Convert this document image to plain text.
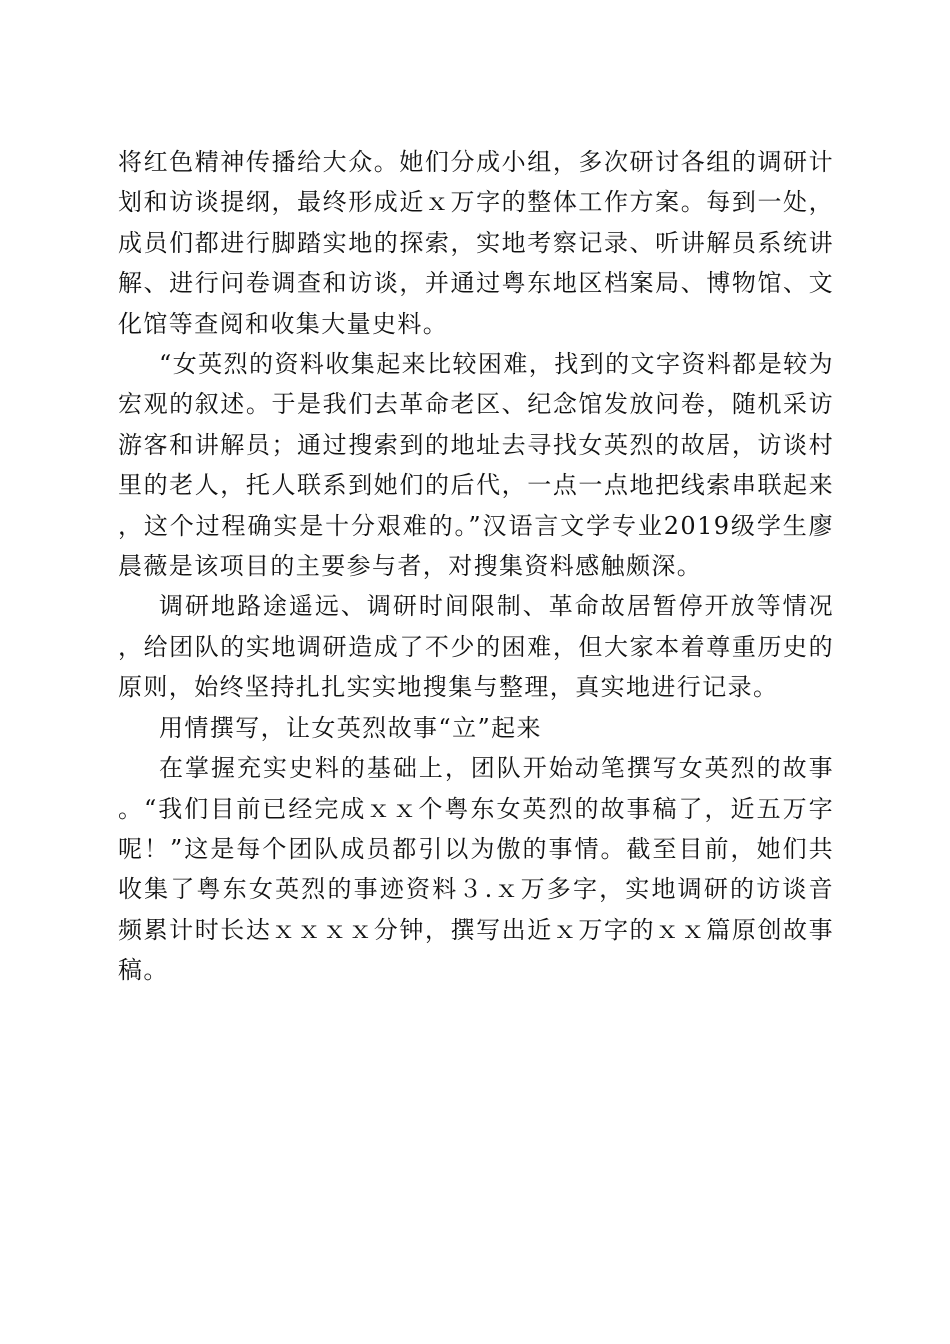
将红色精神传播给大众。她们分成小组，多次研讨各组的调研计划和访谈提纲，最终形成近ｘ万字的整体工作方案。每到一处，成员们都进行脚踏实地的探索，实地考察记录、听讲解员系统讲解、进行问卷调查和访谈，并通过粤东地区档案局、博物馆、文化馆等查阅和收集大量史料。

“女英烈的资料收集起来比较困难，找到的文字资料都是较为宏观的叙述。于是我们去革命老区、纪念馆发放问卷，随机采访游客和讲解员；通过搜索到的地址去寻找女英烈的故居，访谈村里的老人，托人联系到她们的后代，一点一点地把线索串联起来，这个过程确实是十分艰难的。”汉语言文学专业2019级学生廖晨薇是该项目的主要参与者，对搜集资料感触颇深。

调研地路途遥远、调研时间限制、革命故居暂停开放等情况，给团队的实地调研造成了不少的困难，但大家本着尊重历史的原则，始终坚持扎扎实实地搜集与整理，真实地进行记录。

用情撰写，让女英烈故事“立”起来

在掌握充实史料的基础上，团队开始动笔撰写女英烈的故事。“我们目前已经完成ｘｘ个粤东女英烈的故事稿了，近五万字呢！”这是每个团队成员都引以为傲的事情。截至目前，她们共收集了粤东女英烈的事迹资料３.ｘ万多字，实地调研的访谈音频累计时长达ｘｘｘｘ分钟，撰写出近ｘ万字的ｘｘ篇原创故事稿。
